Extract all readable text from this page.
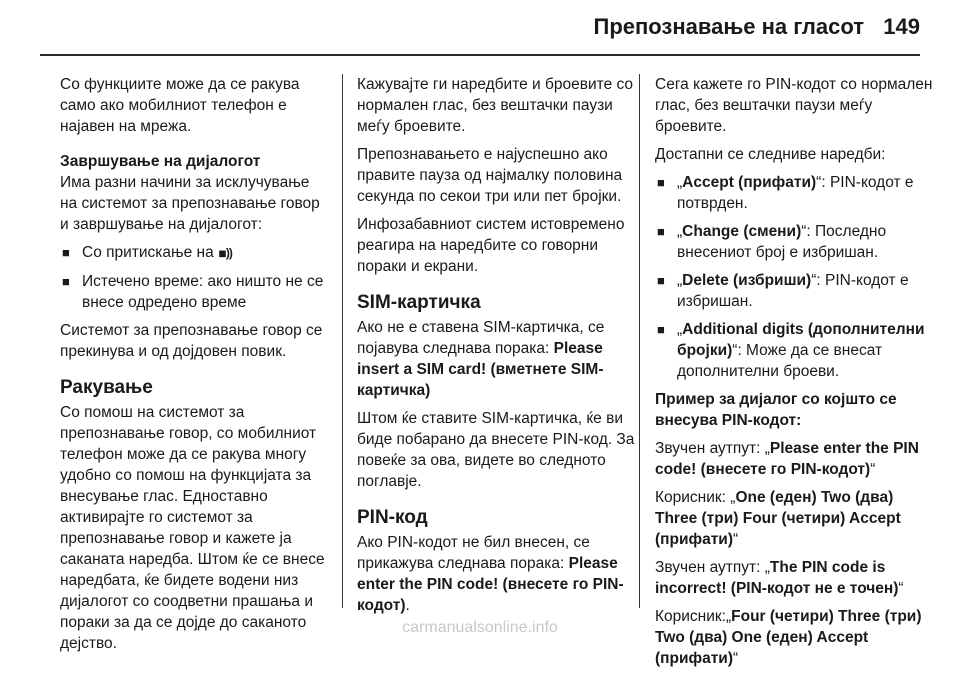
Препознавање на гласот 149

Со функциите може да се ракува само ако мобилниот телефон е најавен на мрежа.

Завршување на дијалогот

Има разни начини за исклучување на системот за препознавање говор и завршување на дијалогот:

■ Со притискање на ◾))
■ Истечено време: ако ништо не се внесе одредено време

Системот за препознавање говор се прекинува и од дојдовен повик.

Ракување

Со помош на системот за препознавање говор, со мобилниот телефон може да се ракува многу удобно со помош на функцијата за внесување глас. Едноставно активирајте го системот за препознавање говор и кажете ја саканата наредба. Штом ќе се внесе наредбата, ќе бидете водени низ дијалогот со соодветни прашања и пораки за да се дојде до саканото дејство.

Кажувајте ги наредбите и броевите со нормален глас, без вештачки паузи меѓу броевите.

Препознавањето е најуспешно ако правите пауза од најмалку половина секунда по секои три или пет бројки.

Инфозабавниот систем истовремено реагира на наредбите со говорни пораки и екрани.

SIM-картичка

Ако не е ставена SIM-картичка, се појавува следнава порака: Please insert a SIM card! (вметнете SIM-картичка)

Штом ќе ставите SIM-картичка, ќе ви биде побарано да внесете PIN-код. За повеќе за ова, видете во следното поглавје.

PIN-код

Ако PIN-кодот не бил внесен, се прикажува следнава порака: Please enter the PIN code! (внесете го PIN-кодот).

Сега кажете го PIN-кодот со нормален глас, без вештачки паузи меѓу броевите.

Достапни се следниве наредби:

■ „Accept (прифати)“: PIN-кодот е потврден.
■ „Change (смени)“: Последно внесениот број е избришан.
■ „Delete (избриши)“: PIN-кодот е избришан.
■ „Additional digits (дополнителни бројки)“: Може да се внесат дополнителни броеви.

Пример за дијалог со којшто се внесува PIN-кодот:

Звучен аутпут: „Please enter the PIN code! (внесете го PIN-кодот)“

Корисник: „One (еден) Two (два) Three (три) Four (четири) Accept (прифати)“

Звучен аутпут: „The PIN code is incorrect! (PIN-кодот не е точен)“

Корисник:„Four (четири) Three (три) Two (два) One (еден) Accept (прифати)“

carmanualsonline.info
